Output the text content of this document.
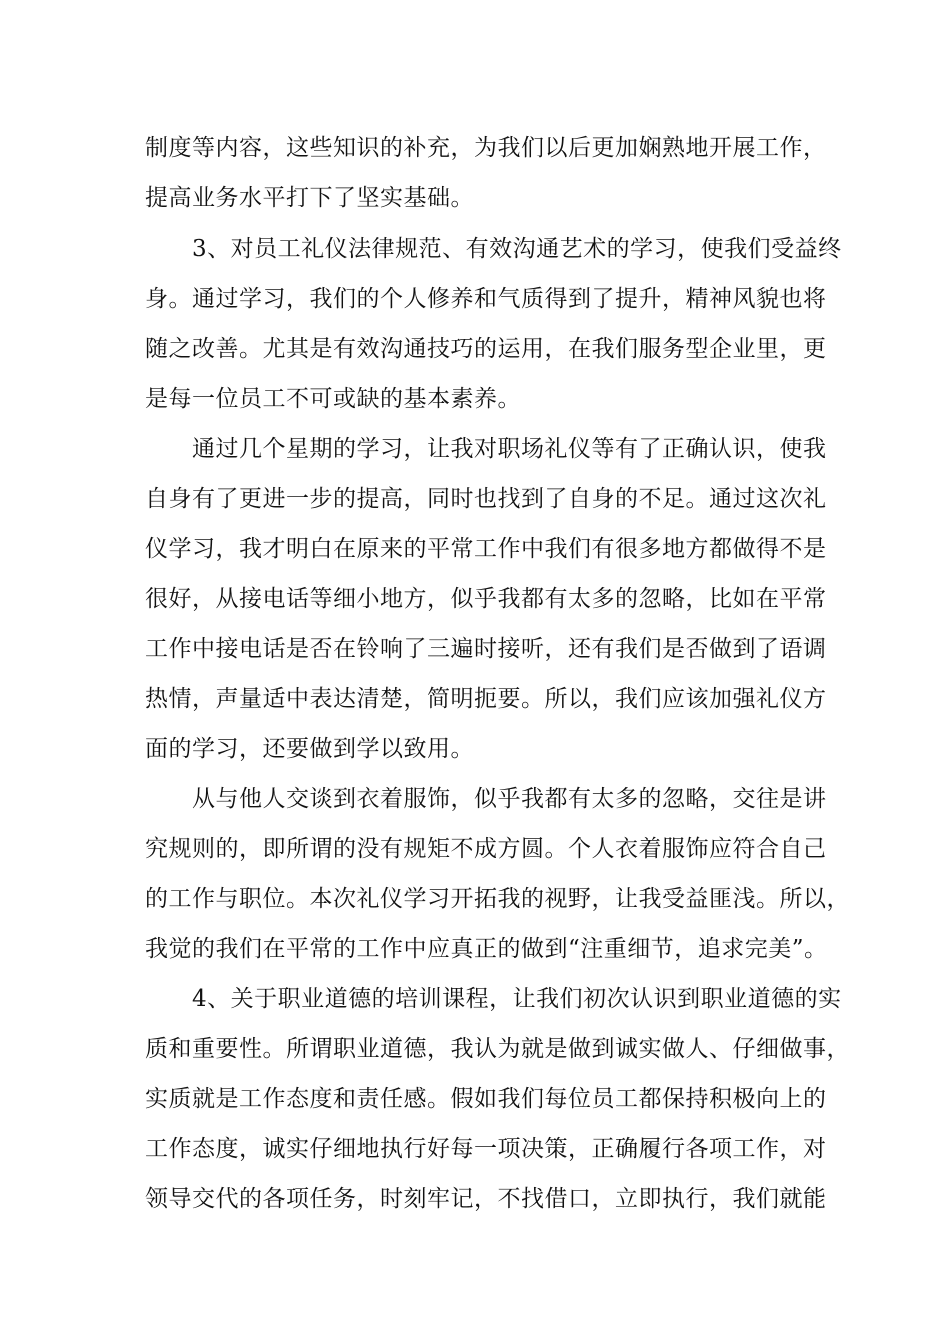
制度等内容，这些知识的补充，为我们以后更加娴熟地开展工作，
提高业务水平打下了坚实基础。
　　3、对员工礼仪法律规范、有效沟通艺术的学习，使我们受益终
身。通过学习，我们的个人修养和气质得到了提升，精神风貌也将
随之改善。尤其是有效沟通技巧的运用，在我们服务型企业里，更
是每一位员工不可或缺的基本素养。
　　通过几个星期的学习，让我对职场礼仪等有了正确认识，使我
自身有了更进一步的提高，同时也找到了自身的不足。通过这次礼
仪学习，我才明白在原来的平常工作中我们有很多地方都做得不是
很好，从接电话等细小地方，似乎我都有太多的忽略，比如在平常
工作中接电话是否在铃响了三遍时接听，还有我们是否做到了语调
热情，声量适中表达清楚，简明扼要。所以，我们应该加强礼仪方
面的学习，还要做到学以致用。
　　从与他人交谈到衣着服饰，似乎我都有太多的忽略，交往是讲
究规则的，即所谓的没有规矩不成方圆。个人衣着服饰应符合自己
的工作与职位。本次礼仪学习开拓我的视野，让我受益匪浅。所以，
我觉的我们在平常的工作中应真正的做到“注重细节，追求完美”。
　　4、关于职业道德的培训课程，让我们初次认识到职业道德的实
质和重要性。所谓职业道德，我认为就是做到诚实做人、仔细做事，
实质就是工作态度和责任感。假如我们每位员工都保持积极向上的
工作态度，诚实仔细地执行好每一项决策，正确履行各项工作，对
领导交代的各项任务，时刻牢记，不找借口，立即执行，我们就能
